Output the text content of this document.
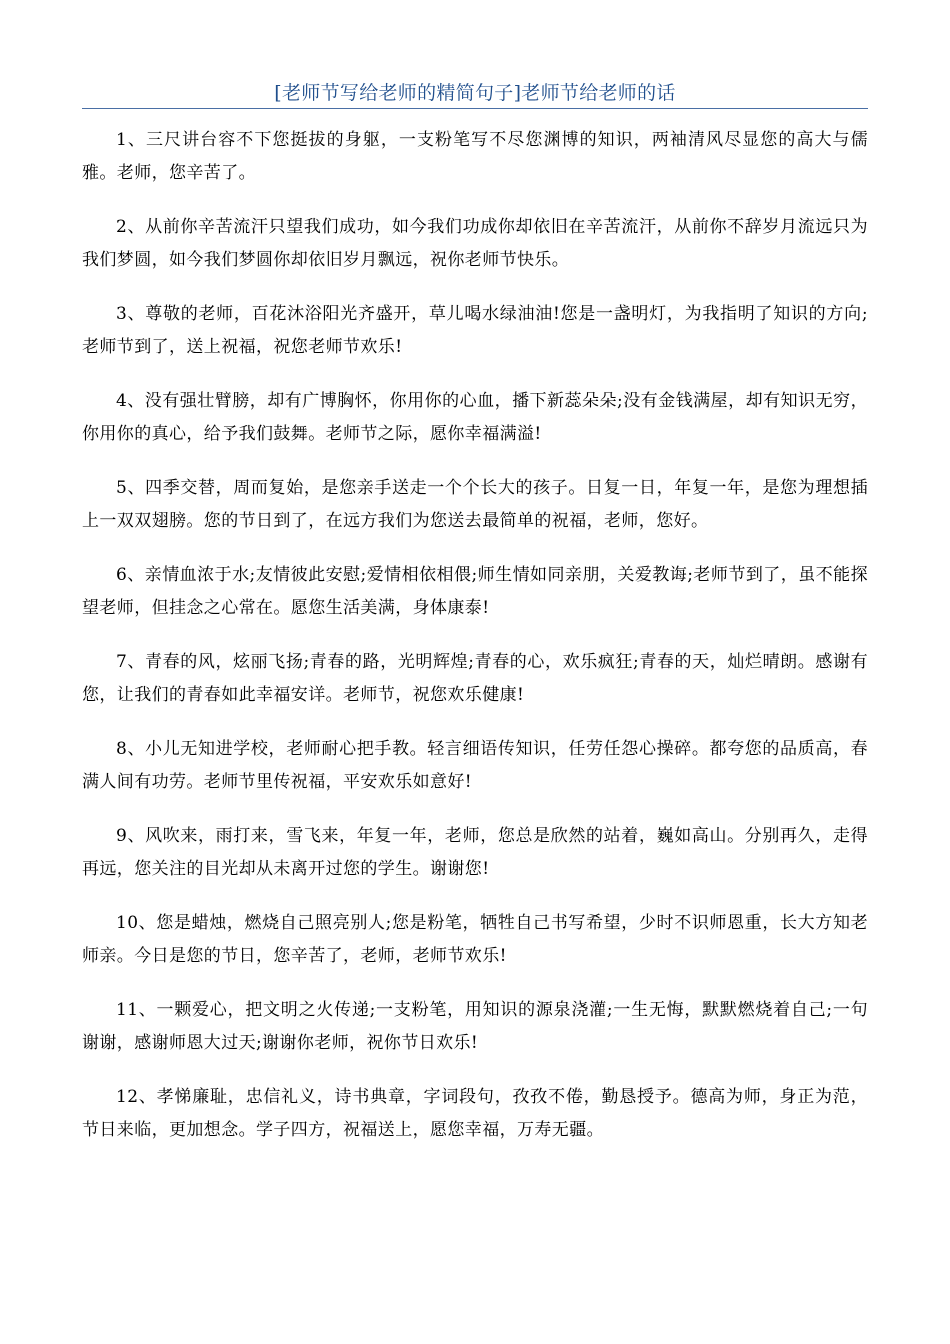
[老师节写给老师的精简句子]老师节给老师的话

1、三尺讲台容不下您挺拔的身躯，一支粉笔写不尽您渊博的知识，两袖清风尽显您的高大与儒雅。老师，您辛苦了。

2、从前你辛苦流汗只望我们成功，如今我们功成你却依旧在辛苦流汗，从前你不辞岁月流远只为我们梦圆，如今我们梦圆你却依旧岁月飘远，祝你老师节快乐。

3、尊敬的老师，百花沐浴阳光齐盛开，草儿喝水绿油油!您是一盏明灯，为我指明了知识的方向;老师节到了，送上祝福，祝您老师节欢乐!

4、没有强壮臂膀，却有广博胸怀，你用你的心血，播下新蕊朵朵;没有金钱满屋，却有知识无穷，你用你的真心，给予我们鼓舞。老师节之际，愿你幸福满溢!

5、四季交替，周而复始，是您亲手送走一个个长大的孩子。日复一日，年复一年，是您为理想插上一双双翅膀。您的节日到了，在远方我们为您送去最简单的祝福，老师，您好。

6、亲情血浓于水;友情彼此安慰;爱情相依相偎;师生情如同亲朋，关爱教诲;老师节到了，虽不能探望老师，但挂念之心常在。愿您生活美满，身体康泰!

7、青春的风，炫丽飞扬;青春的路，光明辉煌;青春的心，欢乐疯狂;青春的天，灿烂晴朗。感谢有您，让我们的青春如此幸福安详。老师节，祝您欢乐健康!

8、小儿无知进学校，老师耐心把手教。轻言细语传知识，任劳任怨心操碎。都夸您的品质高，春满人间有功劳。老师节里传祝福，平安欢乐如意好!

9、风吹来，雨打来，雪飞来，年复一年，老师，您总是欣然的站着，巍如高山。分别再久，走得再远，您关注的目光却从未离开过您的学生。谢谢您!

10、您是蜡烛，燃烧自己照亮别人;您是粉笔，牺牲自己书写希望，少时不识师恩重，长大方知老师亲。今日是您的节日，您辛苦了，老师，老师节欢乐!

11、一颗爱心，把文明之火传递;一支粉笔，用知识的源泉浇灌;一生无悔，默默燃烧着自己;一句谢谢，感谢师恩大过天;谢谢你老师，祝你节日欢乐!

12、孝悌廉耻，忠信礼义，诗书典章，字词段句，孜孜不倦，勤恳授予。德高为师，身正为范，节日来临，更加想念。学子四方，祝福送上，愿您幸福，万寿无疆。
